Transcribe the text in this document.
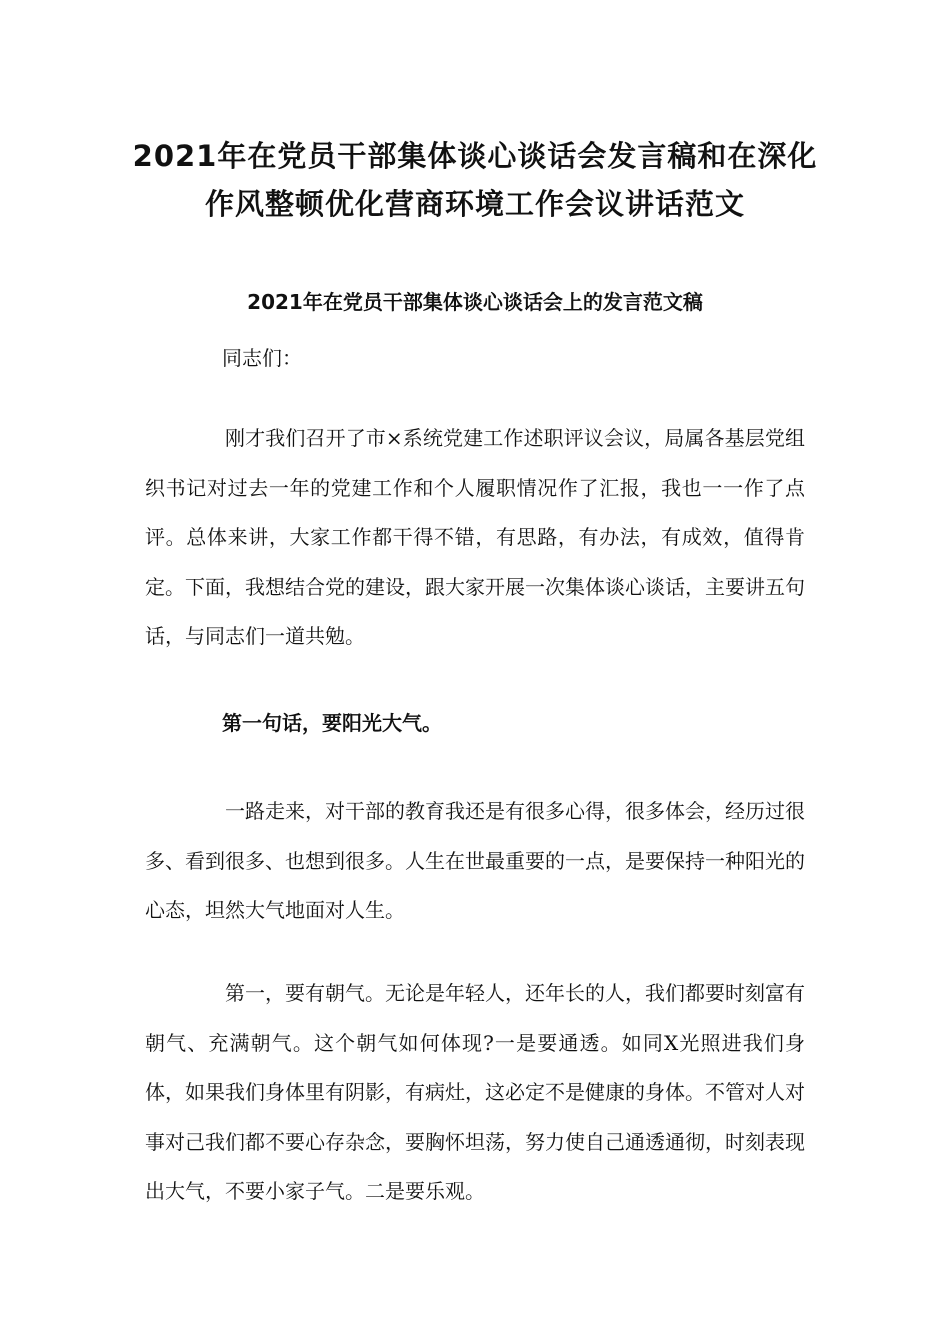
2021年在党员干部集体谈心谈话会发言稿和在深化
作风整顿优化营商环境工作会议讲话范文
2021年在党员干部集体谈心谈话会上的发言范文稿

同志们：

刚才我们召开了市×系统党建工作述职评议会议，局属各基层党组织书记对过去一年的党建工作和个人履职情况作了汇报，我也一一作了点评。总体来讲，大家工作都干得不错，有思路，有办法，有成效，值得肯定。下面，我想结合党的建设，跟大家开展一次集体谈心谈话，主要讲五句话，与同志们一道共勉。

第一句话，要阳光大气。

一路走来，对干部的教育我还是有很多心得，很多体会，经历过很多、看到很多、也想到很多。人生在世最重要的一点，是要保持一种阳光的心态，坦然大气地面对人生。

第一，要有朝气。无论是年轻人，还年长的人，我们都要时刻富有朝气、充满朝气。这个朝气如何体现?一是要通透。如同X光照进我们身体，如果我们身体里有阴影，有病灶，这必定不是健康的身体。不管对人对事对己我们都不要心存杂念，要胸怀坦荡，努力使自己通透通彻，时刻表现出大气，不要小家子气。二是要乐观。
